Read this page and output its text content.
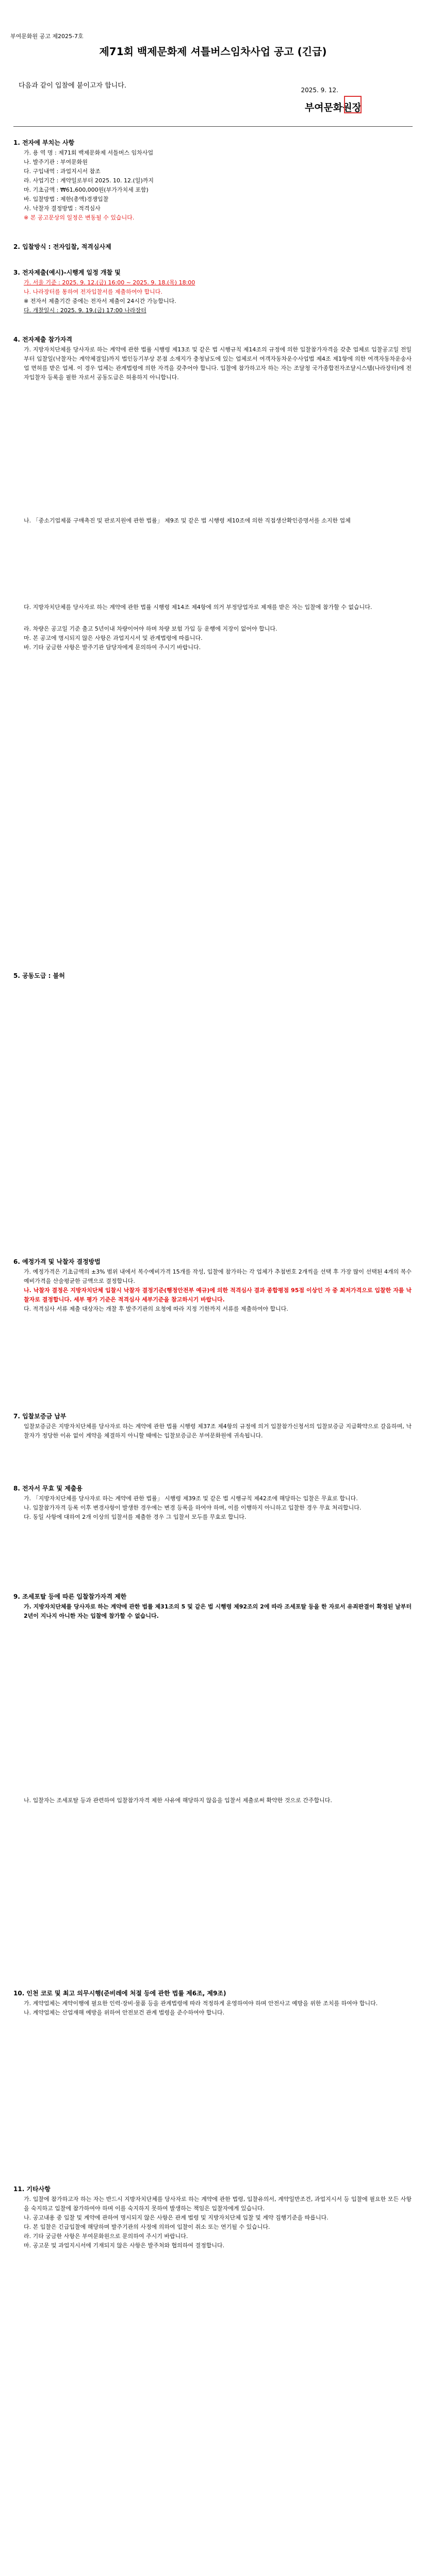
부여문화원 공고 제2025-7호
제71회 백제문화제 셔틀버스임차사업 공고 (긴급)
다음과 같이 입찰에 붙이고자 합니다.
2025. 9. 12.
부여문화원장
1. 전자에 부치는 사항
가. 용 역 명 : 제71회 백제문화제 셔틀버스 임차사업
나. 발주기관 : 부여문화원
다. 구입내역 : 과업지시서 참조
라. 사업기간 : 계약일로부터 2025. 10. 12.(일)까지
마. 기초금액 : ₩61,600,000원(부가가치세 포함)
바. 입찰방법 : 제한(총액)경쟁입찰
사. 낙찰자 결정방법 : 적격심사
※ 본 공고문상의 일정은 변동될 수 있습니다.
2. 입찰방식 : 전자입찰, 적격심사제
3. 전자제출(예시)-시행계 일정 개찰 및
가. 서울 기준 : 2025. 9. 12.(금) 16:00 ~ 2025. 9. 18.(목) 18:00
나. 나라장터를 통하여 전자입찰서를 제출하여야 합니다.
※ 전자서 제출기간 중에는 전자서 제출이 24시간 가능합니다.
다. 개찰일시 : 2025. 9. 19.(금) 17:00 나라장터
4. 전자제출 참가자격
가. 지방자치단체를 당사자로 하는 계약에 관한 법률 시행령 제13조 및 같은 법 시행규칙 제14조의 규정에 의한 입찰참가자격을 갖춘 업체로 입찰공고일 전일부터 입찰일(낙찰자는 계약체결일)까지 법인등기부상 본점 소재지가 충청남도에 있는 업체로서 여객자동차운수사업법 제4조 제1항에 의한 여객자동차운송사업 면허를 받은 업체. 이 경우 업체는 관계법령에 의한 자격을 갖추어야 합니다. 입찰에 참가하고자 하는 자는 조달청 국가종합전자조달시스템(나라장터)에 전자입찰자 등록을 필한 자로서 공동도급은 허용하지 아니합니다.
나. 「중소기업제품 구매촉진 및 판로지원에 관한 법률」 제9조 및 같은 법 시행령 제10조에 의한 직접생산확인증명서를 소지한 업체
다. 지방자치단체를 당사자로 하는 계약에 관한 법률 시행령 제14조 제4항에 의거 부정당업자로 제재를 받은 자는 입찰에 참가할 수 없습니다.
라. 차량은 공고일 기준 출고 5년이내 차량이어야 하며 차량 보험 가입 등 운행에 지장이 없어야 합니다.
마. 본 공고에 명시되지 않은 사항은 과업지시서 및 관계법령에 따릅니다.
바. 기타 궁금한 사항은 발주기관 담당자에게 문의하여 주시기 바랍니다.
5. 공동도급 : 불허
6. 예정가격 및 낙찰자 결정방법
가. 예정가격은 기초금액의 ±3% 범위 내에서 복수예비가격 15개를 작성, 입찰에 참가하는 각 업체가 추첨번호 2개씩을 선택 후 가장 많이 선택된 4개의 복수예비가격을 산술평균한 금액으로 결정합니다.
나. 낙찰자 결정은 지방자치단체 입찰시 낙찰자 결정기준(행정안전부 예규)에 의한 적격심사 결과 종합평점 95점 이상인 자 중 최저가격으로 입찰한 자를 낙찰자로 결정합니다. 세부 평가 기준은 적격심사 세부기준을 참고하시기 바랍니다.
다. 적격심사 서류 제출 대상자는 개찰 후 발주기관의 요청에 따라 지정 기한까지 서류를 제출하여야 합니다.
7. 입찰보증금 납부
입찰보증금은 지방자치단체를 당사자로 하는 계약에 관한 법률 시행령 제37조 제4항의 규정에 의거 입찰참가신청서의 입찰보증금 지급확약으로 갈음하며, 낙찰자가 정당한 이유 없이 계약을 체결하지 아니할 때에는 입찰보증금은 부여문화원에 귀속됩니다.
8. 전자서 무효 및 제출용
가. 「지방자치단체를 당사자로 하는 계약에 관한 법률」 시행령 제39조 및 같은 법 시행규칙 제42조에 해당하는 입찰은 무효로 합니다.
나. 입찰참가자격 등록 이후 변경사항이 발생한 경우에는 변경 등록을 하여야 하며, 이를 이행하지 아니하고 입찰한 경우 무효 처리합니다.
다. 동일 사항에 대하여 2개 이상의 입찰서를 제출한 경우 그 입찰서 모두를 무효로 합니다.
9. 조세포탈 등에 따른 입찰참가자격 제한
가. 지방자치단체를 당사자로 하는 계약에 관한 법률 제31조의 5 및 같은 법 시행령 제92조의 2에 따라 조세포탈 등을 한 자로서 유죄판결이 확정된 날부터 2년이 지나지 아니한 자는 입찰에 참가할 수 없습니다.
나. 입찰자는 조세포탈 등과 관련하여 입찰참가자격 제한 사유에 해당하지 않음을 입찰서 제출로써 확약한 것으로 간주합니다.
10. 인천 코로 및 최고 의무시행(준비레에 처절 등에 관한 법률 제6조, 제9조)
가. 계약업체는 계약이행에 필요한 인력·장비·물품 등을 관계법령에 따라 적정하게 운영하여야 하며 안전사고 예방을 위한 조치를 하여야 합니다.
나. 계약업체는 산업재해 예방을 위하여 안전보건 관계 법령을 준수하여야 합니다.
11. 기타사항
가. 입찰에 참가하고자 하는 자는 반드시 지방자치단체를 당사자로 하는 계약에 관한 법령, 입찰유의서, 계약일반조건, 과업지시서 등 입찰에 필요한 모든 사항을 숙지하고 입찰에 참가하여야 하며 이를 숙지하지 못하여 발생하는 책임은 입찰자에게 있습니다.
나. 공고내용 중 입찰 및 계약에 관하여 명시되지 않은 사항은 관계 법령 및 지방자치단체 입찰 및 계약 집행기준을 따릅니다.
다. 본 입찰은 긴급입찰에 해당하며 발주기관의 사정에 의하여 입찰이 취소 또는 연기될 수 있습니다.
라. 기타 궁금한 사항은 부여문화원으로 문의하여 주시기 바랍니다.
마. 공고문 및 과업지시서에 기재되지 않은 사항은 발주처와 협의하여 결정합니다.
